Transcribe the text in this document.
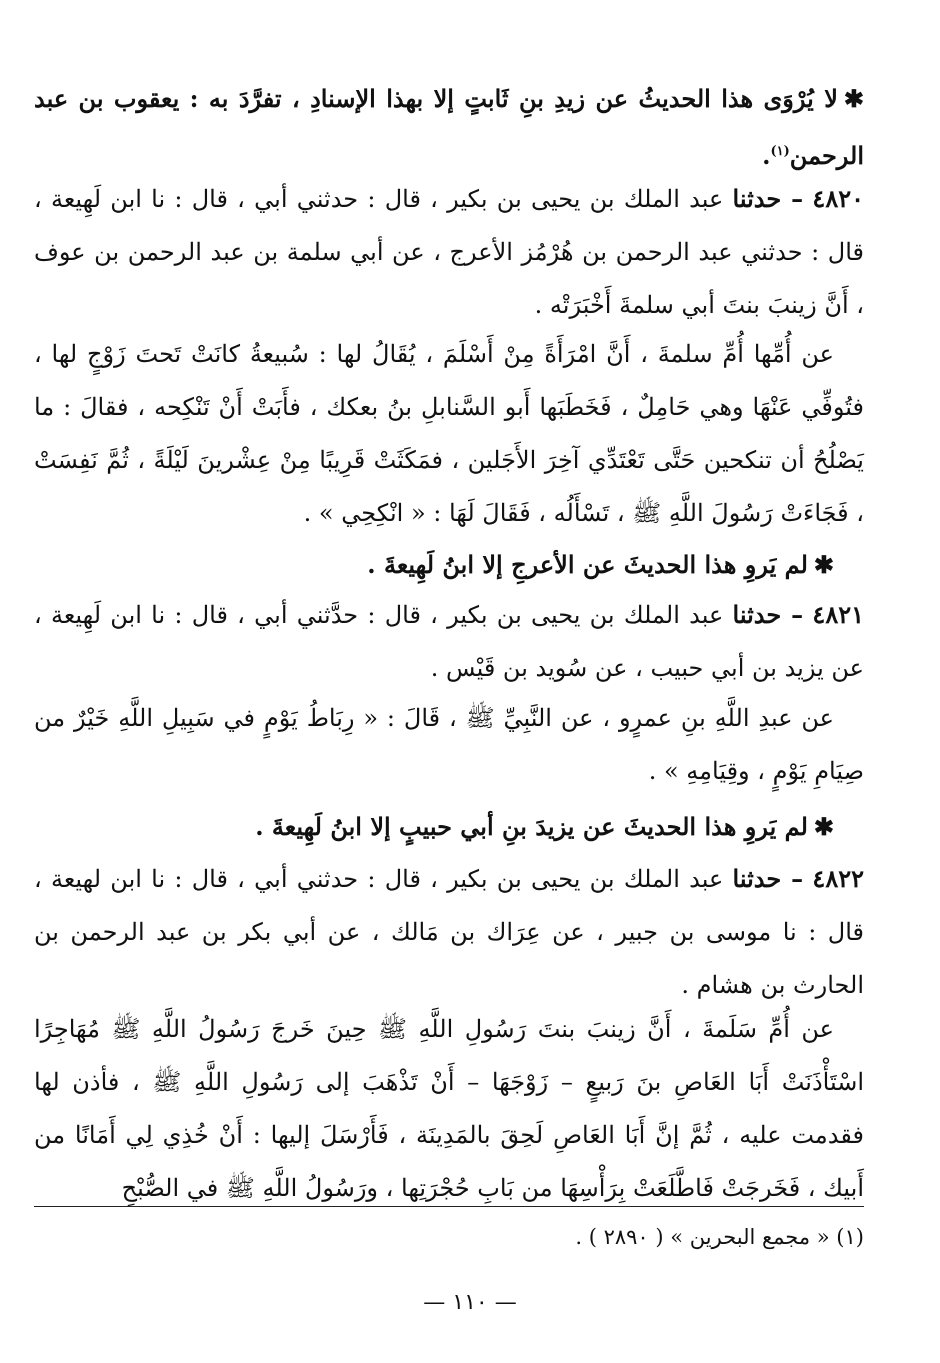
✱لا يُرْوَى هذا الحديثُ عن زيدِ بنِ ثَابتٍ إلا بهذا الإسنادِ ، تفرَّدَ به : يعقوب بن عبد الرحمن$^{(١)}$.

٤٨٢٠ – حدثنا عبد الملك بن يحيى بن بكير ، قال : حدثني أبي ، قال : نا ابن لَهِيعة ، قال : حدثني عبد الرحمن بن هُرْمُز الأعرج ، عن أبي سلمة بن عبد الرحمن بن عوف ، أَنَّ زينبَ بنتَ أبي سلمةَ أَخْبَرَتْه .

عن أُمِّها أُمِّ سلمةَ ، أَنَّ امْرَأَةً مِنْ أَسْلَمَ ، يُقَالُ لها : سُبيعةُ كانَتْ تَحتَ زَوْجٍ لها ، فتُوفِّي عَنْهَا وهي حَامِلٌ ، فَخَطَبَها أَبو السَّنابلِ بنُ بعكك ، فأَبَتْ أَنْ تَنْكِحه ، فقالَ : ما يَصْلُحُ أن تنكحين حَتَّى تَعْتَدِّي آخِرَ الأَجَلين ، فمَكَثَتْ قَرِيبًا مِنْ عِشْرينَ لَيْلَةً ، ثُمَّ نَفِسَتْ ، فَجَاءَتْ رَسُولَ اللَّهِ ﷺ ، تَسْأَلُه ، فَقَالَ لَهَا : « انْكِحِي » .

✱لم يَروِ هذا الحديثَ عن الأعرجِ إلا ابنُ لَهِيعةَ .

٤٨٢١ – حدثنا عبد الملك بن يحيى بن بكير ، قال : حدَّثني أبي ، قال : نا ابن لَهِيعة ، عن يزيد بن أبي حبيب ، عن سُويد بن قَيْس .

عن عبدِ اللَّهِ بنِ عمرٍو ، عن النَّبِيِّ ﷺ ، قَالَ : « رِبَاطُ يَوْمٍ في سَبِيلِ اللَّهِ خَيْرٌ من صِيَامِ يَوْمٍ ، وقِيَامِهِ » .

✱لم يَروِ هذا الحديثَ عن يزيدَ بنِ أبي حبيبٍ إلا ابنُ لَهِيعةَ .

٤٨٢٢ – حدثنا عبد الملك بن يحيى بن بكير ، قال : حدثني أبي ، قال : نا ابن لهيعة ، قال : نا موسى بن جبير ، عن عِرَاك بن مَالك ، عن أبي بكر بن عبد الرحمن بن الحارث بن هشام .

عن أُمِّ سَلَمةَ ، أَنَّ زينبَ بنتَ رَسُولِ اللَّهِ ﷺ حِينَ خَرجَ رَسُولُ اللَّهِ ﷺ مُهَاجِرًا اسْتَأْذَنَتْ أَبَا العَاصِ بنَ رَبيعٍ – زَوْجَهَا – أَنْ تَذْهَبَ إلى رَسُولِ اللَّهِ ﷺ ، فأذن لها فقدمت عليه ، ثُمَّ إنَّ أَبَا العَاصِ لَحِقَ بالمَدِينَة ، فَأَرْسَلَ إليها : أَنْ خُذِي لِي أَمَانًا من أَبيك ، فَخَرجَتْ فَاطَّلَعَتْ بِرَأْسِهَا من بَابِ حُجْرَتِها ، ورَسُولُ اللَّهِ ﷺ في الصُّبْحِ

(١) « مجمع البحرين » ( ٢٨٩٠ ) .
— ١١٠ —
